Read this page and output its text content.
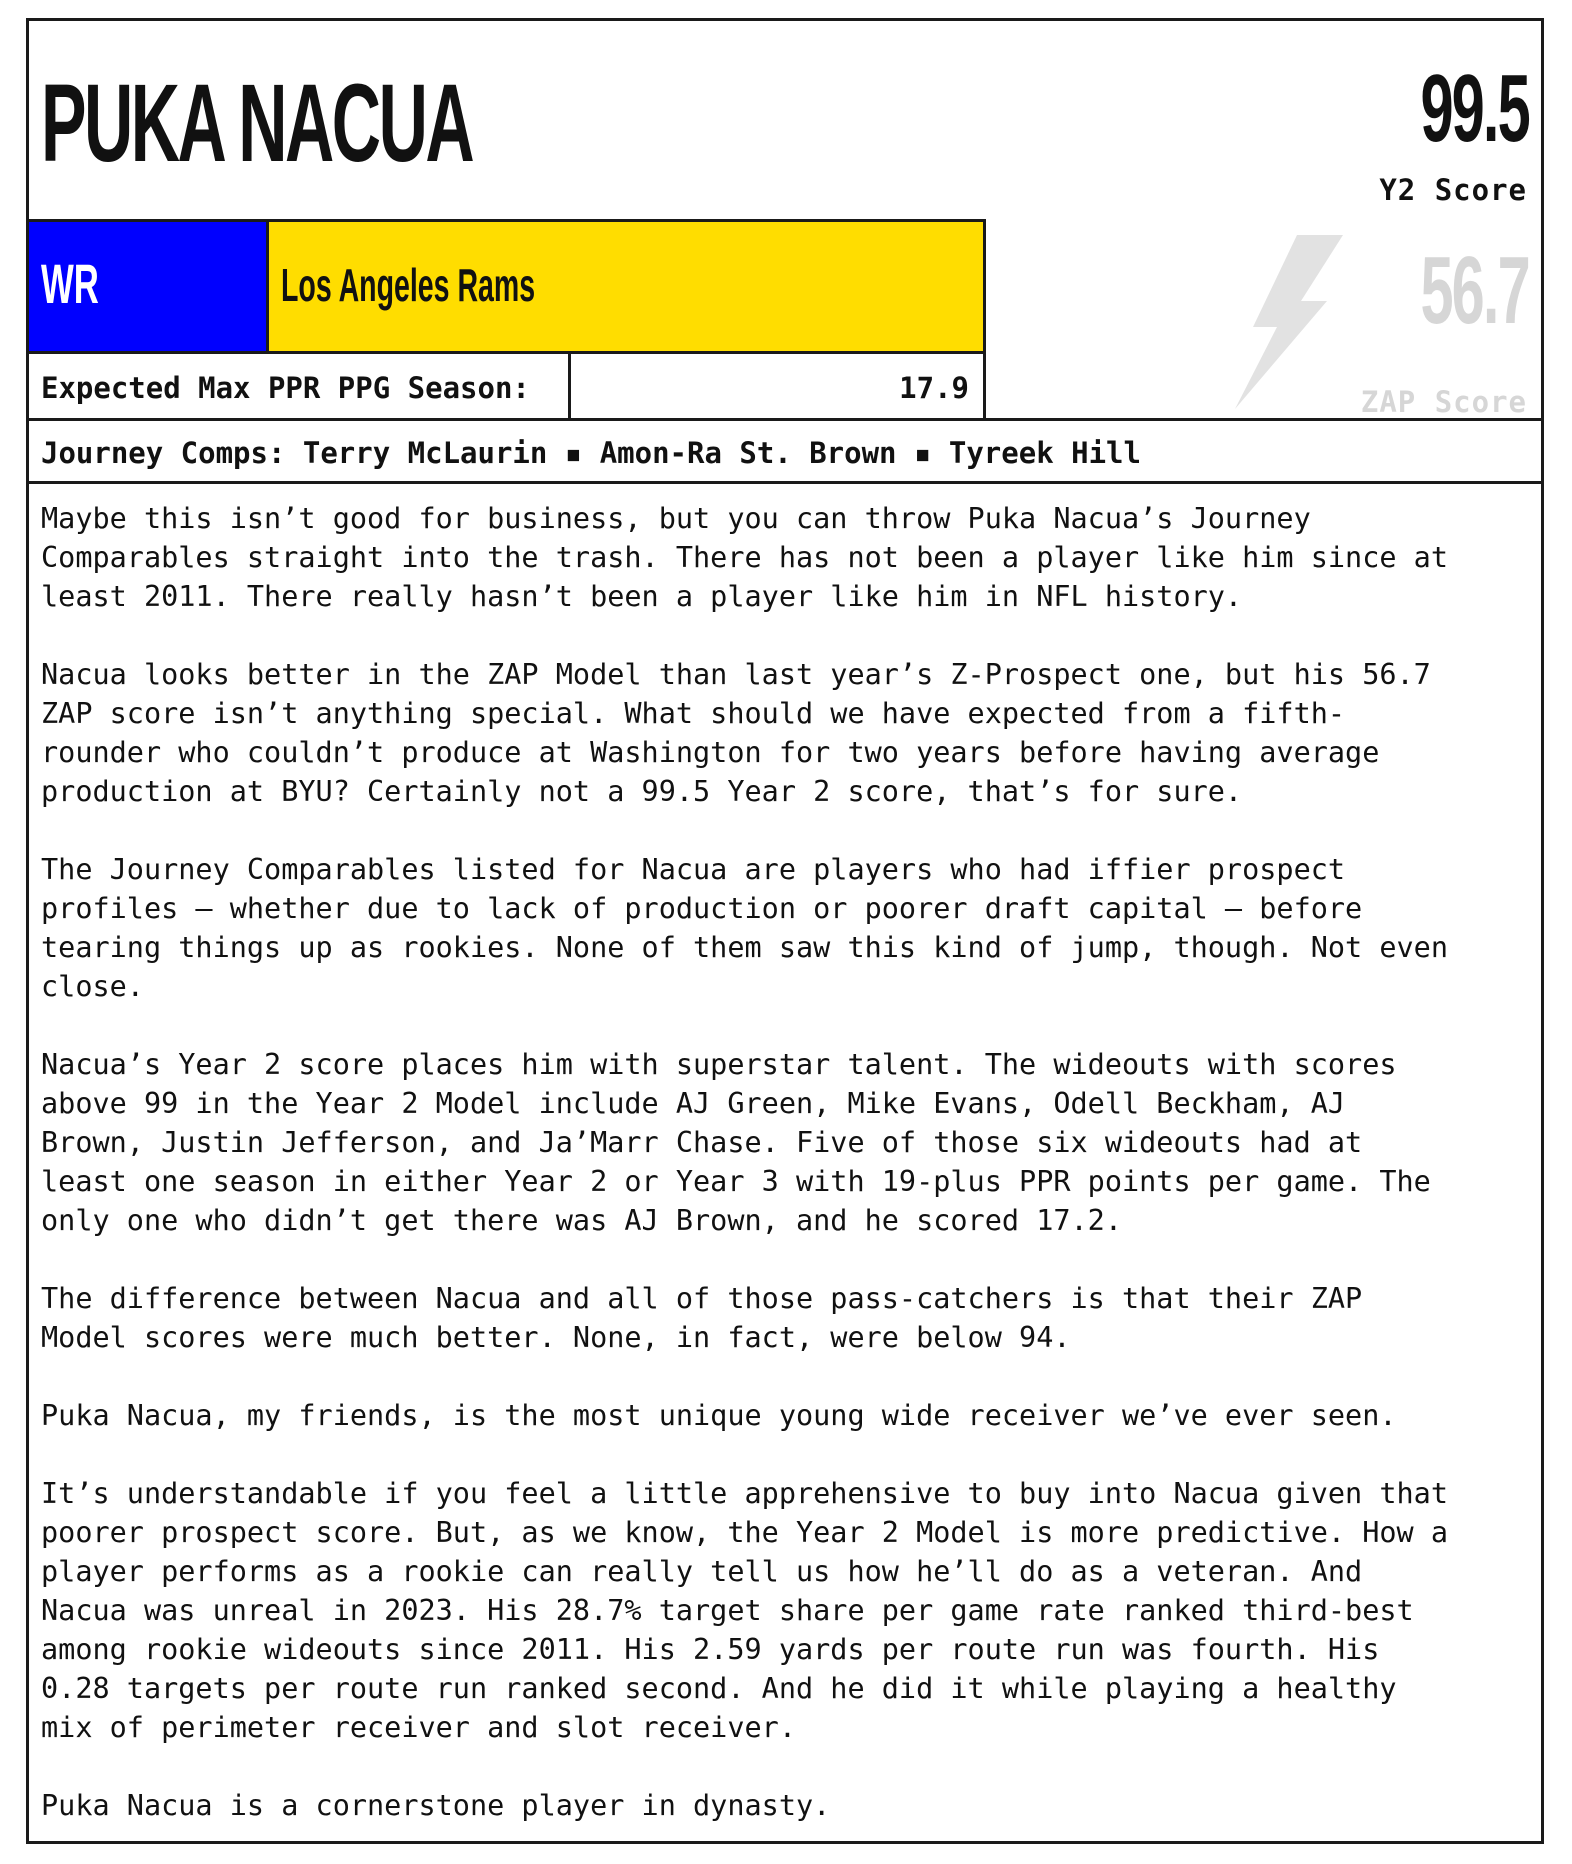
PUKA NACUA	99.5
Y2 Score
56.7
ZAP Score
WR	Los Angeles Rams
Expected Max PPR PPG Season:	17.9
Journey Comps: Terry McLaurin ▪ Amon-Ra St. Brown ▪ Tyreek Hill

Maybe this isn’t good for business, but you can throw Puka Nacua’s Journey
Comparables straight into the trash. There has not been a player like him since at
least 2011. There really hasn’t been a player like him in NFL history.

Nacua looks better in the ZAP Model than last year’s Z-Prospect one, but his 56.7
ZAP score isn’t anything special. What should we have expected from a fifth-
rounder who couldn’t produce at Washington for two years before having average
production at BYU? Certainly not a 99.5 Year 2 score, that’s for sure.

The Journey Comparables listed for Nacua are players who had iffier prospect
profiles — whether due to lack of production or poorer draft capital — before
tearing things up as rookies. None of them saw this kind of jump, though. Not even
close.

Nacua’s Year 2 score places him with superstar talent. The wideouts with scores
above 99 in the Year 2 Model include AJ Green, Mike Evans, Odell Beckham, AJ
Brown, Justin Jefferson, and Ja’Marr Chase. Five of those six wideouts had at
least one season in either Year 2 or Year 3 with 19-plus PPR points per game. The
only one who didn’t get there was AJ Brown, and he scored 17.2.

The difference between Nacua and all of those pass-catchers is that their ZAP
Model scores were much better. None, in fact, were below 94.

Puka Nacua, my friends, is the most unique young wide receiver we’ve ever seen.

It’s understandable if you feel a little apprehensive to buy into Nacua given that
poorer prospect score. But, as we know, the Year 2 Model is more predictive. How a
player performs as a rookie can really tell us how he’ll do as a veteran. And
Nacua was unreal in 2023. His 28.7% target share per game rate ranked third-best
among rookie wideouts since 2011. His 2.59 yards per route run was fourth. His
0.28 targets per route run ranked second. And he did it while playing a healthy
mix of perimeter receiver and slot receiver.

Puka Nacua is a cornerstone player in dynasty.
